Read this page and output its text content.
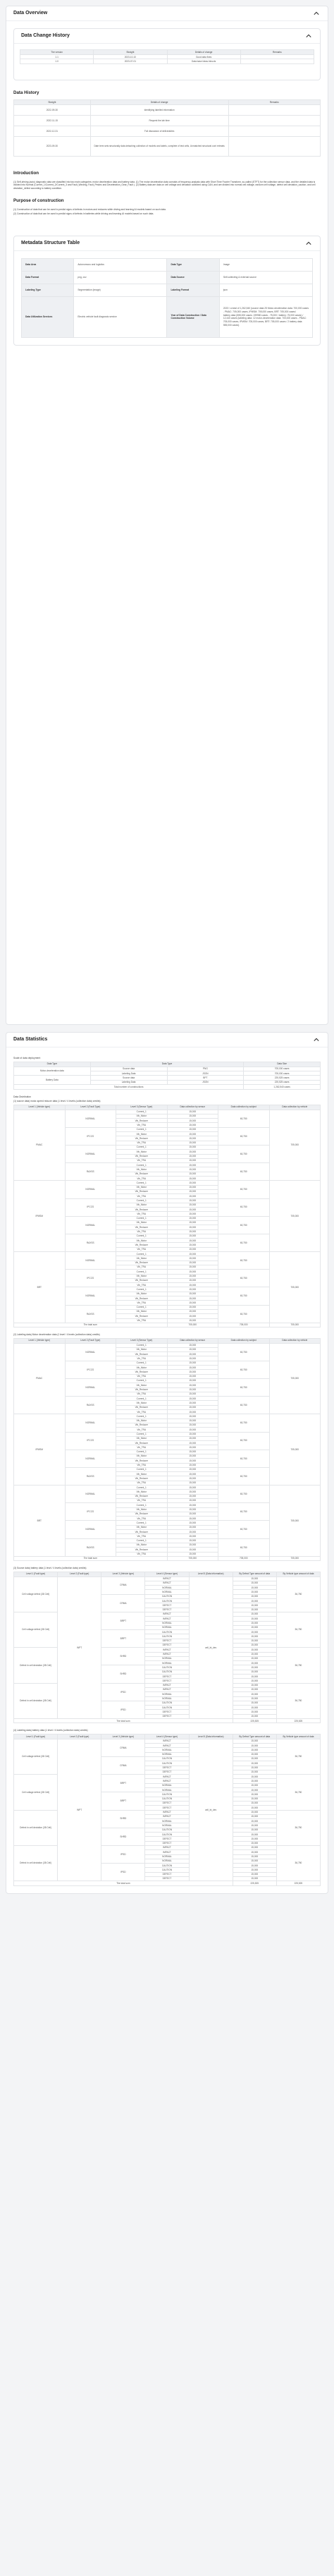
Data Overview
Data Change History
The version	Straight	Details of change	Remarks
1.1	2023-10-10	Good data fixes	
1.0	2023-07-01	Data base ideas intructs	
Data History
Straight	Details of change	Remarks
2022-09-30	Identifying labelled information	
2022-11-15	Request the lab time	
2022-12-31	Full discussion of deliverables	
2023-09-30	Date term sets structurally data detaching collection of models and labels, complete of test cells, Unmatched structural cont retreats	
Introduction

(1) Self-driving (auto) diagnostic data are classified into two main categories: motor deceleration data and battery data. (1) The motor deceleration data consists of frequency-analysis data with Short Time Fourier Transform, so-called (STFT) for the collection sensor data, and the detailed data is divided into Normal (Current_1/Current_2/Current_3 and Fault_Winding, Fault_Pmdec and Deceleration_Gear_Fault ). (2) Battery data are data on cell voltage and deviation collected using CAN, and are divided into normal cell voltage, random cell voltage, defect cell deviation_caution, and cell deviation_defect according to battery condition.

Purpose of construction

(1) Construction of data that can be used to predict signs of defects in motors and reducers while driving and learning AI models based on such data.

(2) Construction of data that can be used to predict signs of defects in batteries while driving and learning AI models based on such data.

Metadata Structure Table
Data Area	Autonomous and logistics	Data Type	Image
Data Format	png, csv	Data Source	Self-collecting & external source
Labeling Type	Segmentation (image)	Labeling Format	json
Data Utilization Services	Electric vehicle fault diagnosis service	Year of Data Construction / Data Construction Volume	2023 / a total of 1,262,540 (source data 25 Motor-deceleration data: 700,000 cases - PMAC: 705,000 cases, IPMSM: 705,000 cases, BRT: 705,000 cases/
battery data (555,000 cases: 199980 cases - 75,000 / battery: 75,000 cases) / 12,440 cases (labeling data: 12 motor-deceleration data: 700,000 cases - PMAC: 705,000 cases, IPMSM: 705,000 cases, BRT: 705,000 cases / 2 battery data: 555,000 cases)
Data Statistics
Scale of data deployment
Data Type	Data Type		Data Size
Motor-deceleration data	Source data	PNG	705,000 cases
	Labeling Data	JSON	705,000 cases
Battery Data	Source data	BPT	225,525 cases
	Labeling Data	JSON	225,525 cases
Total number of constructions			1,262,540 cases
Data Distribution
(1) source data) motor-speed reducer data (1 level / 4 levels (collection data) credits)
Level 1 (Vehicle type)	Level 2 (Fault Type)	Level 3 (Sensor Type)	Data collection by sensor	Data collection by subject	Data collection by vehicle
PMAC	NORMAL	Current_1	15,000	60,750	705,000
		Vib_Motor	15,000		
		Vib_Reducer	15,000		
		Vib_TRA	15,000		
	IPCCS	Current_1	15,000	60,750	
		Vib_Motor	15,000		
		Vib_Reducer	15,000		
		Vib_TRA	15,000		
	NORMAL	Current_1	15,000	60,750	
		Vib_Motor	15,000		
		Vib_Reducer	15,000		
		Vib_TRA	15,000		
	RAXSS	Current_1	15,000	60,750	
		Vib_Motor	15,000		
		Vib_Reducer	15,000		
		Vib_TRA	15,000		
IPMSM	NORMAL	Current_1	15,000	60,750	705,000
		Vib_Motor	15,000		
		Vib_Reducer	15,000		
		Vib_TRA	15,000		
	IPCCS	Current_1	15,000	60,750	
		Vib_Motor	15,000		
		Vib_Reducer	15,000		
		Vib_TRA	15,000		
	NORMAL	Current_1	15,000	60,750	
		Vib_Motor	15,000		
		Vib_Reducer	15,000		
		Vib_TRA	15,000		
	RAXSS	Current_1	15,000	60,750	
		Vib_Motor	15,000		
		Vib_Reducer	15,000		
		Vib_TRA	15,000		
BRT	NORMAL	Current_1	15,000	60,750	705,000
		Vib_Motor	15,000		
		Vib_Reducer	15,000		
		Vib_TRA	15,000		
	IPCCS	Current_1	15,000	60,750	
		Vib_Motor	15,000		
		Vib_Reducer	15,000		
		Vib_TRA	15,000		
	NORMAL	Current_1	15,000	60,750	
		Vib_Motor	15,000		
		Vib_Reducer	15,000		
		Vib_TRA	15,000		
	RAXSS	Current_1	15,000	60,750	
		Vib_Motor	15,000		
		Vib_Reducer	15,000		
		Vib_TRA	15,000		
The total sum			705,000	705,000	705,000
(2) Labeling data) Motor deceleration data (1 level / 4 levels (collection data) credits)
Level 1 (Vehicle type)	Level 2 (Fault Type)	Level 3 (Sensor Type)	Data collection by sensor	Data collection by subject	Data collection by vehicle
PMAC	NORMAL	Current_1	15,000	60,750	705,000
		Vib_Motor	15,000		
		Vib_Reducer	15,000		
		Vib_TRA	15,000		
	IPCCS	Current_1	15,000	60,750	
		Vib_Motor	15,000		
		Vib_Reducer	15,000		
		Vib_TRA	15,000		
	NORMAL	Current_1	15,000	60,750	
		Vib_Motor	15,000		
		Vib_Reducer	15,000		
		Vib_TRA	15,000		
	RAXSS	Current_1	15,000	60,750	
		Vib_Motor	15,000		
		Vib_Reducer	15,000		
		Vib_TRA	15,000		
IPMSM	NORMAL	Current_1	15,000	60,750	705,000
		Vib_Motor	15,000		
		Vib_Reducer	15,000		
		Vib_TRA	15,000		
	IPCCS	Current_1	15,000	60,750	
		Vib_Motor	15,000		
		Vib_Reducer	15,000		
		Vib_TRA	15,000		
	NORMAL	Current_1	15,000	60,750	
		Vib_Motor	15,000		
		Vib_Reducer	15,000		
		Vib_TRA	15,000		
	RAXSS	Current_1	15,000	60,750	
		Vib_Motor	15,000		
		Vib_Reducer	15,000		
		Vib_TRA	15,000		
BRT	NORMAL	Current_1	15,000	60,750	705,000
		Vib_Motor	15,000		
		Vib_Reducer	15,000		
		Vib_TRA	15,000		
	IPCCS	Current_1	15,000	60,750	
		Vib_Motor	15,000		
		Vib_Reducer	15,000		
		Vib_TRA	15,000		
	NORMAL	Current_1	15,000	60,750	
		Vib_Motor	15,000		
		Vib_Reducer	15,000		
		Vib_TRA	15,000		
	RAXSS	Current_1	15,000	60,750	
		Vib_Motor	15,000		
		Vib_Reducer	15,000		
		Vib_TRA	15,000		
The total sum			705,000	705,000	705,000
(3) Source data) battery data (1 level / 4 levels (collection data) credits)
Level 1 (Fault type)	Level 2 (Fault type)	Level 3 (Vehicle type)	Level 4 (Sensor type)	Level 5 (Data information)	By Defect Type amount of data	By Vehicle type amount of data
Cell voltage defect (38 Cell)	WPT	CRMA	IMPACT	cell_bt_dev	15,000	36,750
			IMPACT		15,000	
			NORMAL		15,000	
			NORMAL		15,000	
		CRMA	CAUTION		15,000	
			CAUTION		15,000	
			DEFECT		15,000	
			DEFECT		15,000	
Cell voltage defect (38 Cell)		BRPT	IMPACT		15,000	36,750
			IMPACT		15,000	
			NORMAL		15,000	
			NORMAL		15,000	
		BRPT	CAUTION		15,000	
			CAUTION		15,000	
			DEFECT		15,000	
			DEFECT		15,000	
Defect in cell deviation (38 Cell)		SHRD	IMPACT		15,000	36,750
			IMPACT		15,000	
			NORMAL		15,000	
			NORMAL		15,000	
		SHRD	CAUTION		15,000	
			CAUTION		15,000	
			DEFECT		15,000	
			DEFECT		15,000	
Defect in cell deviation (38 Cell)		IPSD	IMPACT		15,000	36,750
			IMPACT		15,000	
			NORMAL		15,000	
			NORMAL		15,000	
		IPSD	CAUTION		15,000	
			CAUTION		15,000	
			DEFECT		15,000	
			DEFECT		15,000	
The total sum					225,525	225,525
(4) Labeling data) battery data (1 level / 4 levels (collection data) credits)
Level 1 (Fault type)	Level 2 (Fault type)	Level 3 (Vehicle type)	Level 4 (Sensor type)	Level 5 (Data information)	By Defect Type amount of data	By Vehicle type amount of data
Cell voltage defect (38 Cell)	WPT	CRMA	IMPACT	cell_bt_dev	15,000	36,750
			IMPACT		15,000	
			NORMAL		15,000	
			NORMAL		15,000	
		CRMA	CAUTION		15,000	
			CAUTION		15,000	
			DEFECT		15,000	
			DEFECT		15,000	
Cell voltage defect (38 Cell)		BRPT	IMPACT		15,000	36,750
			IMPACT		15,000	
			NORMAL		15,000	
			NORMAL		15,000	
		BRPT	CAUTION		15,000	
			CAUTION		15,000	
			DEFECT		15,000	
			DEFECT		15,000	
Defect in cell deviation (38 Cell)		SHRD	IMPACT		15,000	36,750
			IMPACT		15,000	
			NORMAL		15,000	
			NORMAL		15,000	
		SHRD	CAUTION		15,000	
			CAUTION		15,000	
			DEFECT		15,000	
			DEFECT		15,000	
Defect in cell deviation (38 Cell)		IPSD	IMPACT		15,000	36,750
			IMPACT		15,000	
			NORMAL		15,000	
			NORMAL		15,000	
		IPSD	CAUTION		15,000	
			CAUTION		15,000	
			DEFECT		15,000	
			DEFECT		15,000	
The total sum					225,525	225,525
